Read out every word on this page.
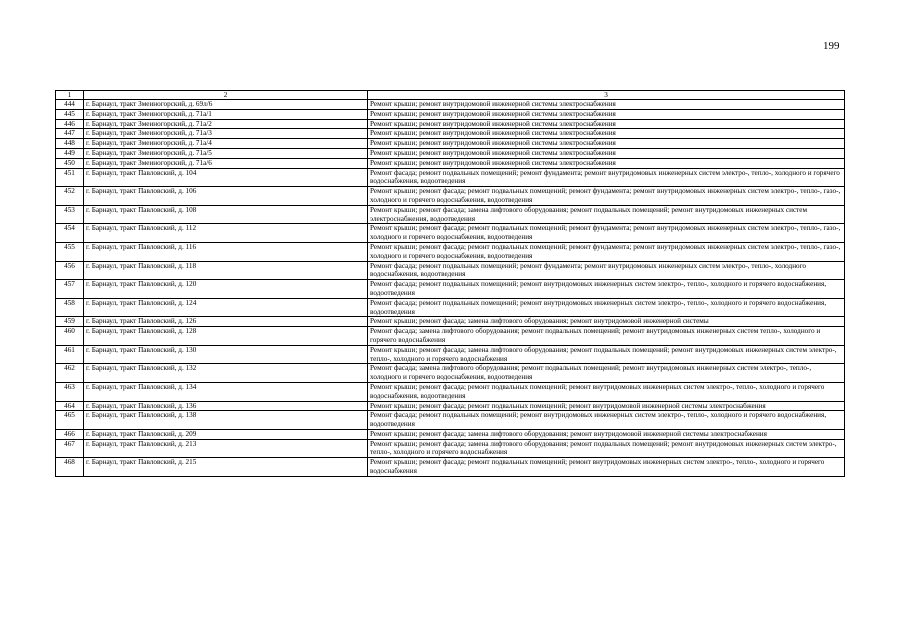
199
1	2	3
444	г. Барнаул, тракт Змеиногорский, д. 69л/6	Ремонт крыши; ремонт внутридомовой инженерной системы электроснабжения
445	г. Барнаул, тракт Змеиногорский, д. 71а/1	Ремонт крыши; ремонт внутридомовой инженерной системы электроснабжения
446	г. Барнаул, тракт Змеиногорский, д. 71а/2	Ремонт крыши; ремонт внутридомовой инженерной системы электроснабжения
447	г. Барнаул, тракт Змеиногорский, д. 71а/3	Ремонт крыши; ремонт внутридомовой инженерной системы электроснабжения
448	г. Барнаул, тракт Змеиногорский, д. 71а/4	Ремонт крыши; ремонт внутридомовой инженерной системы электроснабжения
449	г. Барнаул, тракт Змеиногорский, д. 71а/5	Ремонт крыши; ремонт внутридомовой инженерной системы электроснабжения
450	г. Барнаул, тракт Змеиногорский, д. 71а/6	Ремонт крыши; ремонт внутридомовой инженерной системы электроснабжения
451	г. Барнаул, тракт Павловский, д. 104	Ремонт фасада; ремонт подвальных помещений; ремонт фундамента; ремонт внутридомовых инженерных систем электро-, тепло-, холодного и горячего водоснабжения, водоотведения
452	г. Барнаул, тракт Павловский, д. 106	Ремонт крыши; ремонт фасада; ремонт подвальных помещений; ремонт фундамента; ремонт внутридомовых инженерных систем электро-, тепло-, газо-, холодного и горячего водоснабжения, водоотведения
453	г. Барнаул, тракт Павловский, д. 108	Ремонт крыши; ремонт фасада; замена лифтового оборудования; ремонт подвальных помещений; ремонт внутридомовых инженерных систем электроснабжения, водоотведения
454	г. Барнаул, тракт Павловский, д. 112	Ремонт крыши; ремонт фасада; ремонт подвальных помещений; ремонт фундамента; ремонт внутридомовых инженерных систем электро-, тепло-, газо-, холодного и горячего водоснабжения, водоотведения
455	г. Барнаул, тракт Павловский, д. 116	Ремонт крыши; ремонт фасада; ремонт подвальных помещений; ремонт фундамента; ремонт внутридомовых инженерных систем электро-, тепло-, газо-, холодного и горячего водоснабжения, водоотведения
456	г. Барнаул, тракт Павловский, д. 118	Ремонт фасада; ремонт подвальных помещений; ремонт фундамента; ремонт внутридомовых инженерных систем электро-, тепло-, холодного водоснабжения, водоотведения
457	г. Барнаул, тракт Павловский, д. 120	Ремонт фасада; ремонт подвальных помещений; ремонт внутридомовых инженерных систем электро-, тепло-, холодного и горячего водоснабжения, водоотведения
458	г. Барнаул, тракт Павловский, д. 124	Ремонт фасада; ремонт подвальных помещений; ремонт внутридомовых инженерных систем электро-, тепло-, холодного и горячего водоснабжения, водоотведения
459	г. Барнаул, тракт Павловский, д. 126	Ремонт крыши; ремонт фасада; замена лифтового оборудования; ремонт внутридомовой инженерной системы
460	г. Барнаул, тракт Павловский, д. 128	Ремонт фасада; замена лифтового оборудования; ремонт подвальных помещений; ремонт внутридомовых инженерных систем тепло-, холодного и горячего водоснабжения
461	г. Барнаул, тракт Павловский, д. 130	Ремонт крыши; ремонт фасада; замена лифтового оборудования; ремонт подвальных помещений; ремонт внутридомовых инженерных систем электро-, тепло-, холодного и горячего водоснабжения
462	г. Барнаул, тракт Павловский, д. 132	Ремонт фасада; замена лифтового оборудования; ремонт подвальных помещений; ремонт внутридомовых инженерных систем электро-, тепло-, холодного и горячего водоснабжения, водоотведения
463	г. Барнаул, тракт Павловский, д. 134	Ремонт крыши; ремонт фасада; ремонт подвальных помещений; ремонт внутридомовых инженерных систем электро-, тепло-, холодного и горячего водоснабжения, водоотведения
464	г. Барнаул, тракт Павловский, д. 136	Ремонт крыши; ремонт фасада; ремонт подвальных помещений; ремонт внутридомовой инженерной системы электроснабжения
465	г. Барнаул, тракт Павловский, д. 138	Ремонт фасада; ремонт подвальных помещений; ремонт внутридомовых инженерных систем электро-, тепло-, холодного и горячего водоснабжения, водоотведения
466	г. Барнаул, тракт Павловский, д. 209	Ремонт крыши; ремонт фасада; замена лифтового оборудования; ремонт внутридомовой инженерной системы электроснабжения
467	г. Барнаул, тракт Павловский, д. 213	Ремонт крыши; ремонт фасада; замена лифтового оборудования; ремонт подвальных помещений; ремонт внутридомовых инженерных систем электро-, тепло-, холодного и горячего водоснабжения
468	г. Барнаул, тракт Павловский, д. 215	Ремонт крыши; ремонт фасада; ремонт подвальных помещений; ремонт внутридомовых инженерных систем электро-, тепло-, холодного и горячего водоснабжения
